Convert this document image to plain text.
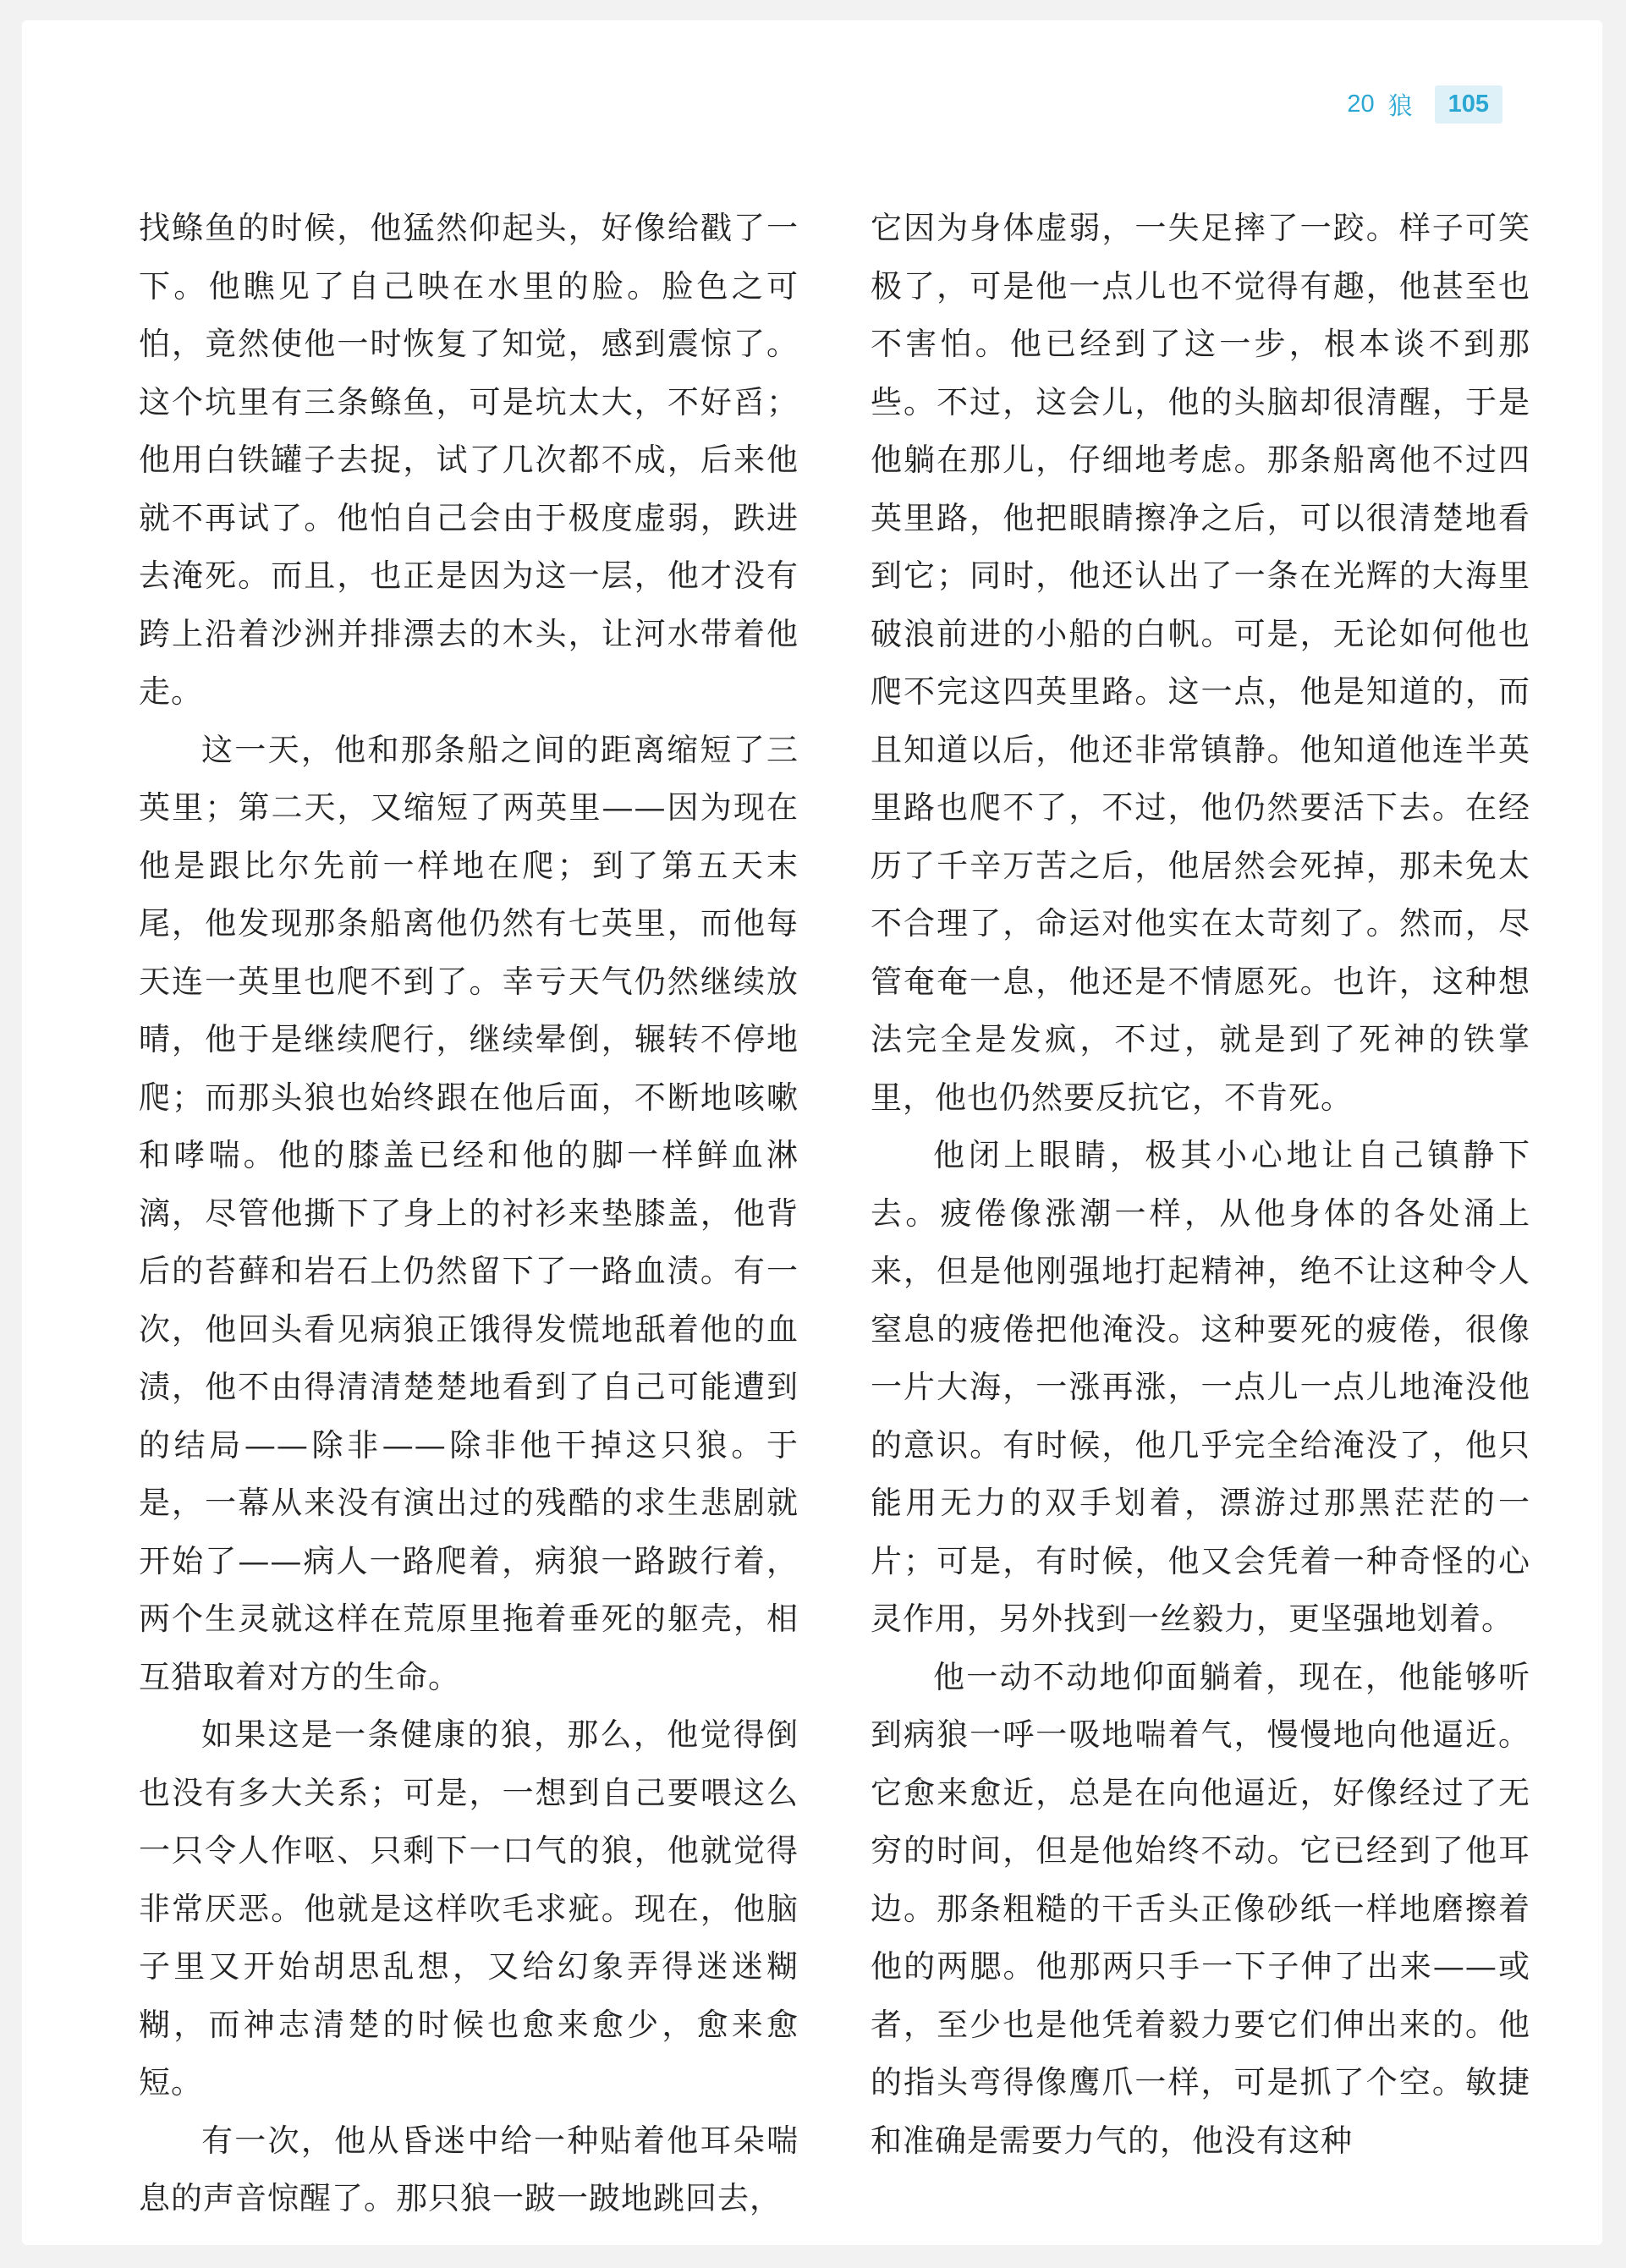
20 狼	105

找鲦鱼的时候，他猛然仰起头，好像给戳了一下。他瞧见了自己映在水里的脸。脸色之可怕，竟然使他一时恢复了知觉，感到震惊了。这个坑里有三条鲦鱼，可是坑太大，不好舀；他用白铁罐子去捉，试了几次都不成，后来他就不再试了。他怕自己会由于极度虚弱，跌进去淹死。而且，也正是因为这一层，他才没有跨上沿着沙洲并排漂去的木头，让河水带着他走。

这一天，他和那条船之间的距离缩短了三英里；第二天，又缩短了两英里——因为现在他是跟比尔先前一样地在爬；到了第五天末尾，他发现那条船离他仍然有七英里，而他每天连一英里也爬不到了。幸亏天气仍然继续放晴，他于是继续爬行，继续晕倒，辗转不停地爬；而那头狼也始终跟在他后面，不断地咳嗽和哮喘。他的膝盖已经和他的脚一样鲜血淋漓，尽管他撕下了身上的衬衫来垫膝盖，他背后的苔藓和岩石上仍然留下了一路血渍。有一次，他回头看见病狼正饿得发慌地舐着他的血渍，他不由得清清楚楚地看到了自己可能遭到的结局——除非——除非他干掉这只狼。于是，一幕从来没有演出过的残酷的求生悲剧就开始了——病人一路爬着，病狼一路跛行着，两个生灵就这样在荒原里拖着垂死的躯壳，相互猎取着对方的生命。

如果这是一条健康的狼，那么，他觉得倒也没有多大关系；可是，一想到自己要喂这么一只令人作呕、只剩下一口气的狼，他就觉得非常厌恶。他就是这样吹毛求疵。现在，他脑子里又开始胡思乱想，又给幻象弄得迷迷糊糊，而神志清楚的时候也愈来愈少，愈来愈短。

有一次，他从昏迷中给一种贴着他耳朵喘息的声音惊醒了。那只狼一跛一跛地跳回去，

它因为身体虚弱，一失足摔了一跤。样子可笑极了，可是他一点儿也不觉得有趣，他甚至也不害怕。他已经到了这一步，根本谈不到那些。不过，这会儿，他的头脑却很清醒，于是他躺在那儿，仔细地考虑。那条船离他不过四英里路，他把眼睛擦净之后，可以很清楚地看到它；同时，他还认出了一条在光辉的大海里破浪前进的小船的白帆。可是，无论如何他也爬不完这四英里路。这一点，他是知道的，而且知道以后，他还非常镇静。他知道他连半英里路也爬不了，不过，他仍然要活下去。在经历了千辛万苦之后，他居然会死掉，那未免太不合理了，命运对他实在太苛刻了。然而，尽管奄奄一息，他还是不情愿死。也许，这种想法完全是发疯，不过，就是到了死神的铁掌里，他也仍然要反抗它，不肯死。

他闭上眼睛，极其小心地让自己镇静下去。疲倦像涨潮一样，从他身体的各处涌上来，但是他刚强地打起精神，绝不让这种令人窒息的疲倦把他淹没。这种要死的疲倦，很像一片大海，一涨再涨，一点儿一点儿地淹没他的意识。有时候，他几乎完全给淹没了，他只能用无力的双手划着，漂游过那黑茫茫的一片；可是，有时候，他又会凭着一种奇怪的心灵作用，另外找到一丝毅力，更坚强地划着。

他一动不动地仰面躺着，现在，他能够听到病狼一呼一吸地喘着气，慢慢地向他逼近。它愈来愈近，总是在向他逼近，好像经过了无穷的时间，但是他始终不动。它已经到了他耳边。那条粗糙的干舌头正像砂纸一样地磨擦着他的两腮。他那两只手一下子伸了出来——或者，至少也是他凭着毅力要它们伸出来的。他的指头弯得像鹰爪一样，可是抓了个空。敏捷和准确是需要力气的，他没有这种
